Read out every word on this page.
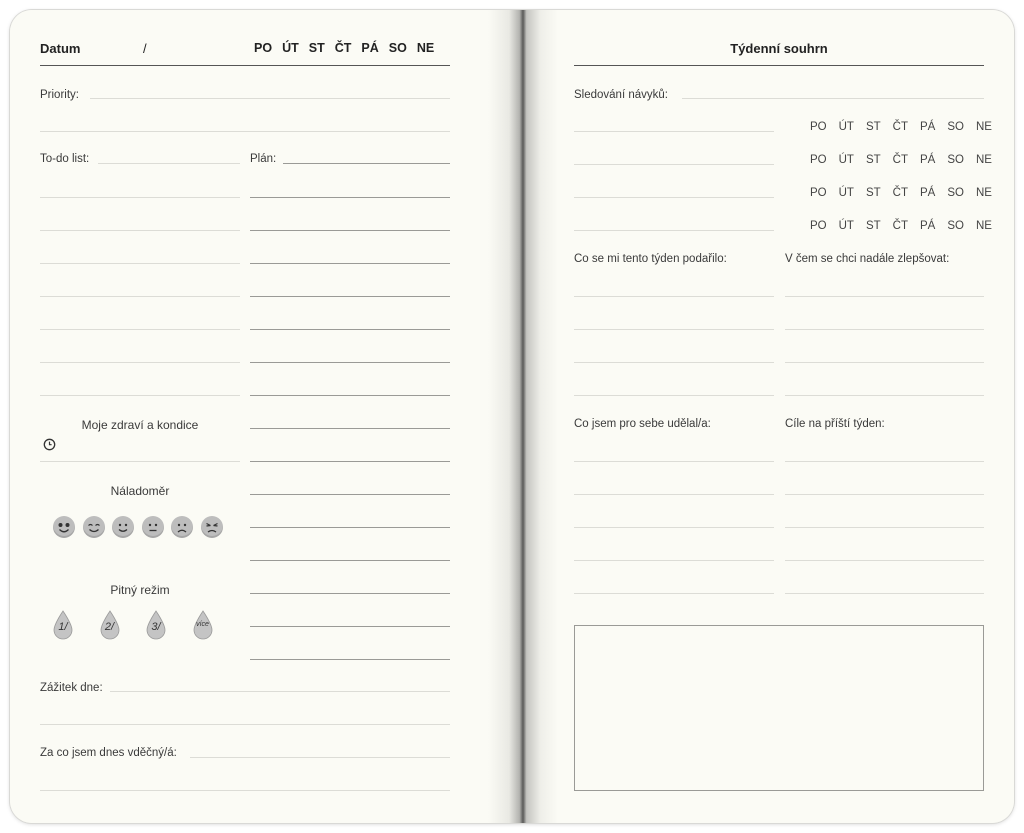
Datum	/	PO ÚT ST ČT PÁ SO NE
Priority:
To-do list:	Plán:
Moje zdraví a kondice
Náladoměr
Pitný režim
1/	2/	3/	více
Zážitek dne:
Za co jsem dnes vděčný/á:
Týdenní souhrn
Sledování návyků:
PO ÚT ST ČT PÁ SO NE
PO ÚT ST ČT PÁ SO NE
PO ÚT ST ČT PÁ SO NE
PO ÚT ST ČT PÁ SO NE
Co se mi tento týden podařilo:	V čem se chci nadále zlepšovat:
Co jsem pro sebe udělal/a:	Cíle na příští týden:
